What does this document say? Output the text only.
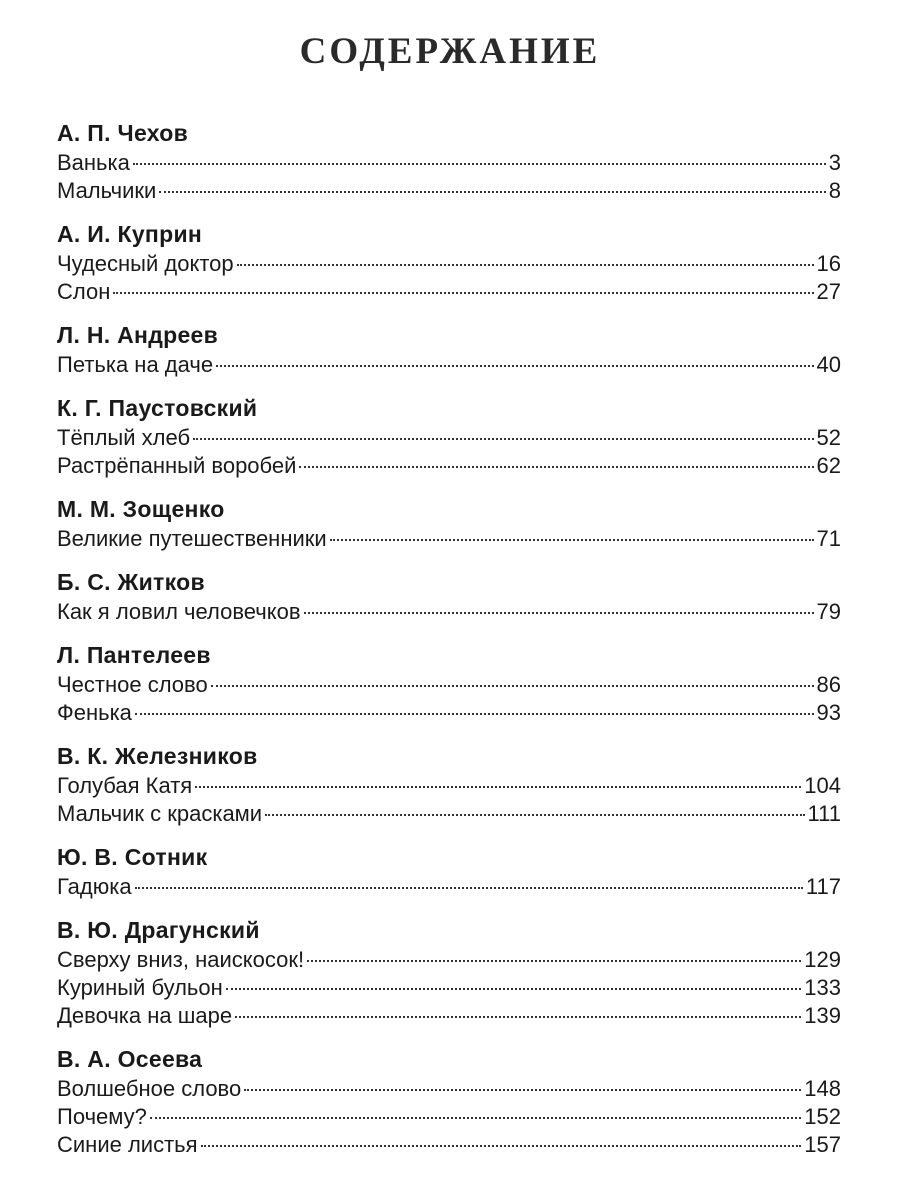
СОДЕРЖАНИЕ
А. П. Чехов
Ванька	3
Мальчики	8
А. И. Куприн
Чудесный доктор	16
Слон	27
Л. Н. Андреев
Петька на даче	40
К. Г. Паустовский
Тёплый хлеб	52
Растрёпанный воробей	62
М. М. Зощенко
Великие путешественники	71
Б. С. Житков
Как я ловил человечков	79
Л. Пантелеев
Честное слово	86
Фенька	93
В. К. Железников
Голубая Катя	104
Мальчик с красками	111
Ю. В. Сотник
Гадюка	117
В. Ю. Драгунский
Сверху вниз, наискосок!	129
Куриный бульон	133
Девочка на шаре	139
В. А. Осеева
Волшебное слово	148
Почему?	152
Синие листья	157
